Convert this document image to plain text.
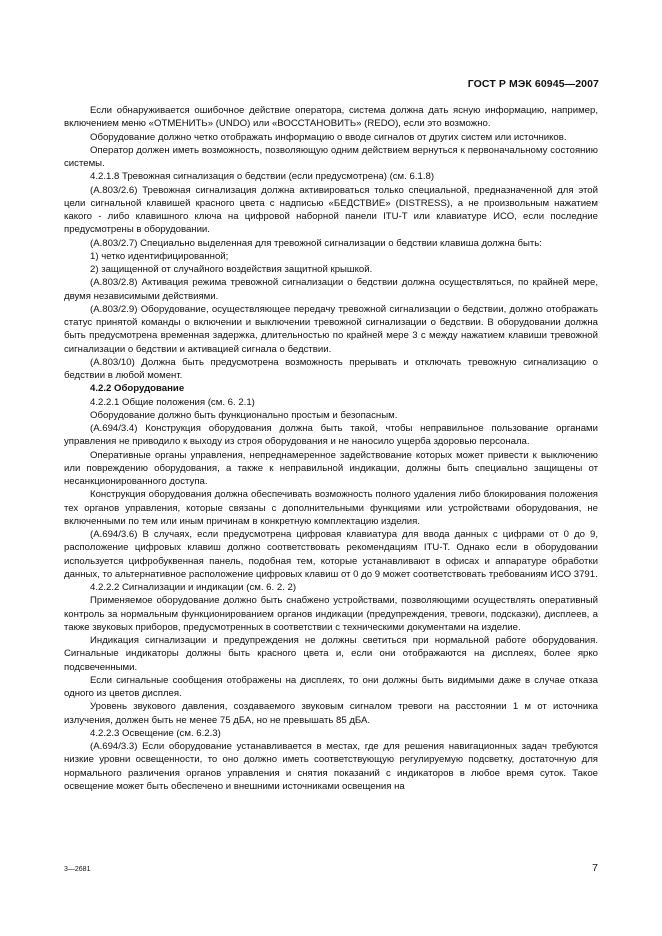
ГОСТ Р МЭК 60945—2007

Если обнаруживается ошибочное действие оператора, система должна дать ясную информацию, например, включением меню «ОТМЕНИТЬ» (UNDO) или «ВОССТАНОВИТЬ» (REDO), если это возможно.

Оборудование должно четко отображать информацию о вводе сигналов от других систем или источников.

Оператор должен иметь возможность, позволяющую одним действием вернуться к первоначальному состоянию системы.

4.2.1.8 Тревожная сигнализация о бедствии (если предусмотрена) (см. 6.1.8)

(A.803/2.6) Тревожная сигнализация должна активироваться только специальной, предназначенной для этой цели сигнальной клавишей красного цвета с надписью «БЕДСТВИЕ» (DISTRESS), а не произвольным нажатием какого - либо клавишного ключа на цифровой наборной панели ITU-T или клавиатуре ИСО, если последние предусмотрены в оборудовании.

(A.803/2.7) Специально выделенная для тревожной сигнализации о бедствии клавиша должна быть:

1) четко идентифицированной;

2) защищенной от случайного воздействия защитной крышкой.

(A.803/2.8) Активация режима тревожной сигнализации о бедствии должна осуществляться, по крайней мере, двумя независимыми действиями.

(A.803/2.9) Оборудование, осуществляющее передачу тревожной сигнализации о бедствии, должно отображать статус принятой команды о включении и выключении тревожной сигнализации о бедствии. В оборудовании должна быть предусмотрена временная задержка, длительностью по крайней мере 3 с между нажатием клавиши тревожной сигнализации о бедствии и активацией сигнала о бедствии.

(A.803/10) Должна быть предусмотрена возможность прерывать и отключать тревожную сигнализацию о бедствии в любой момент.

4.2.2 Оборудование

4.2.2.1 Общие положения (см. 6. 2.1)

Оборудование должно быть функционально простым и безопасным.

(A.694/3.4) Конструкция оборудования должна быть такой, чтобы неправильное пользование органами управления не приводило к выходу из строя оборудования и не наносило ущерба здоровью персонала.

Оперативные органы управления, непреднамеренное задействование которых может привести к выключению или повреждению оборудования, а также к неправильной индикации, должны быть специально защищены от несанкционированного доступа.

Конструкция оборудования должна обеспечивать возможность полного удаления либо блокирования положения тех органов управления, которые связаны с дополнительными функциями или устройствами оборудования, не включенными по тем или иным причинам в конкретную комплектацию изделия.

(A.694/3.6) В случаях, если предусмотрена цифровая клавиатура для ввода данных с цифрами от 0 до 9, расположение цифровых клавиш должно соответствовать рекомендациям ITU-T. Однако если в оборудовании используется цифробуквенная панель, подобная тем, которые устанавливают в офисах и аппаратуре обработки данных, то альтернативное расположение цифровых клавиш от 0 до 9 может соответствовать требованиям ИСО 3791.

4.2.2.2 Сигнализации и индикации (см. 6. 2. 2)

Применяемое оборудование должно быть снабжено устройствами, позволяющими осуществлять оперативный контроль за нормальным функционированием органов индикации (предупреждения, тревоги, подсказки), дисплеев, а также звуковых приборов, предусмотренных в соответствии с техническими документами на изделие.

Индикация сигнализации и предупреждения не должны светиться при нормальной работе оборудования. Сигнальные индикаторы должны быть красного цвета и, если они отображаются на дисплеях, более ярко подсвеченными.

Если сигнальные сообщения отображены на дисплеях, то они должны быть видимыми даже в случае отказа одного из цветов дисплея.

Уровень звукового давления, создаваемого звуковым сигналом тревоги на расстоянии 1 м от источника излучения, должен быть не менее 75 дБА, но не превышать 85 дБА.

4.2.2.3 Освещение (см. 6.2.3)

(A.694/3.3) Если оборудование устанавливается в местах, где для решения навигационных задач требуются низкие уровни освещенности, то оно должно иметь соответствующую регулируемую подсветку, достаточную для нормального различения органов управления и снятия показаний с индикаторов в любое время суток. Такое освещение может быть обеспечено и внешними источниками освещения на

3—2681	7
